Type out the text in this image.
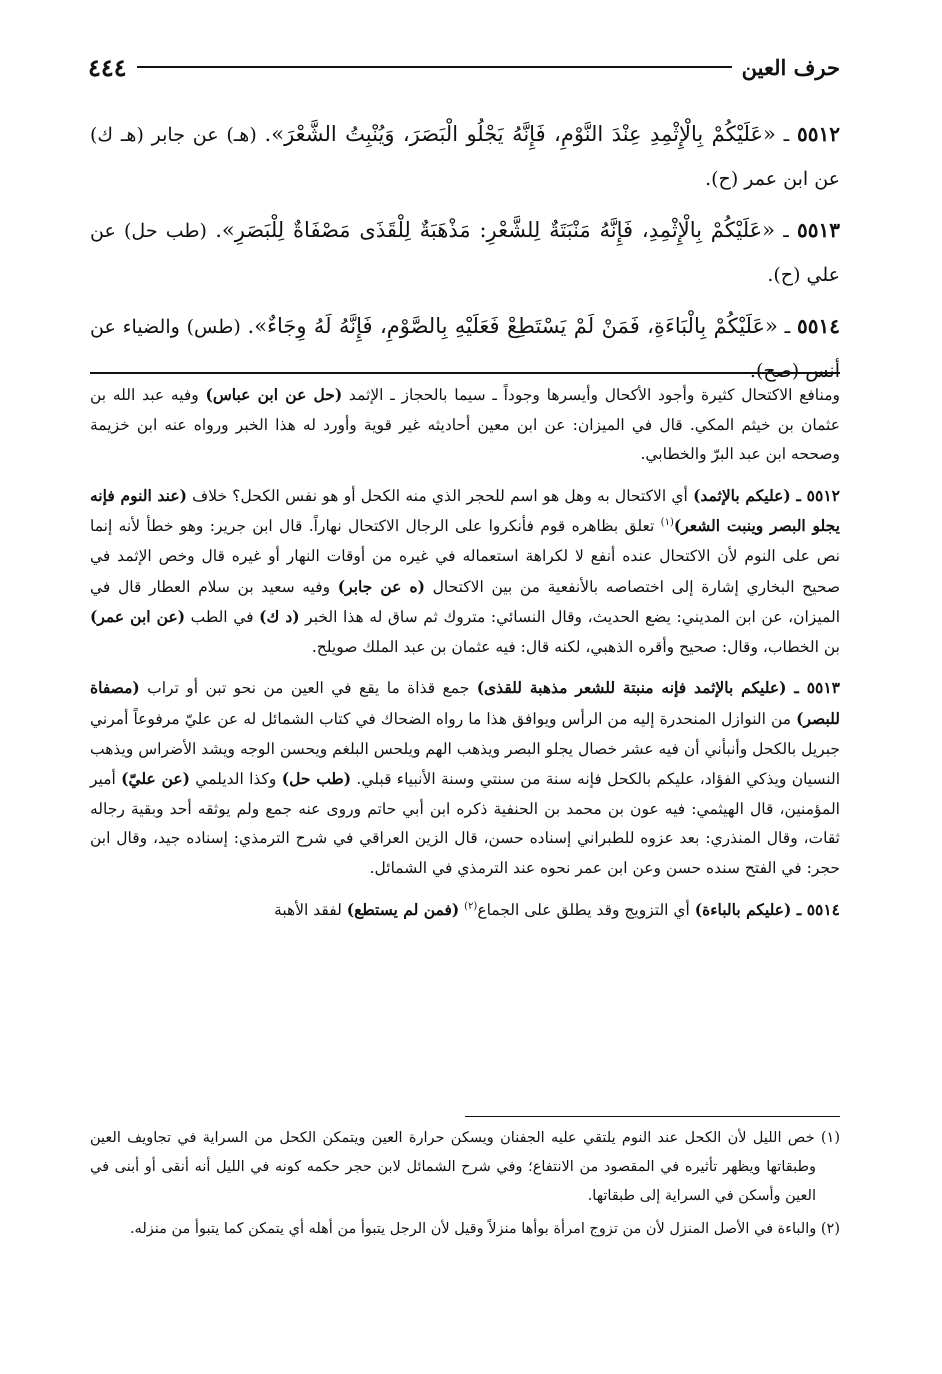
حرف العين
٤٤٤
٥٥١٢ ـ «عَلَيْكُمْ بِالْإِثْمِدِ عِنْدَ النَّوْمِ، فَإِنَّهُ يَجْلُو الْبَصَرَ، وَيُنْبِتُ الشَّعْرَ». (هـ) عن جابر (هـ ك) عن ابن عمر (ح).
٥٥١٣ ـ «عَلَيْكُمْ بِالْإِثْمِدِ، فَإِنَّهُ مَنْبَتَةٌ لِلشَّعْرِ: مَذْهَبَةٌ لِلْقَذَى مَصْفَاةٌ لِلْبَصَرِ». (طب حل) عن علي (ح).
٥٥١٤ ـ «عَلَيْكُمْ بِالْبَاءَةِ، فَمَنْ لَمْ يَسْتَطِعْ فَعَلَيْهِ بِالصَّوْمِ، فَإِنَّهُ لَهُ وِجَاءٌ». (طس) والضياء عن أنس (صح).

ومنافع الاكتحال كثيرة وأجود الأكحال وأيسرها وجوداً ـ سيما بالحجاز ـ الإثمد (حل عن ابن عباس) وفيه عبد الله بن عثمان بن خيثم المكي. قال في الميزان: عن ابن معين أحاديثه غير قوية وأورد له هذا الخبر ورواه عنه ابن خزيمة وصححه ابن عبد البرّ والخطابي.

٥٥١٢ ـ (عليكم بالإثمد) أي الاكتحال به وهل هو اسم للحجر الذي منه الكحل أو هو نفس الكحل؟ خلاف (عند النوم فإنه يجلو البصر وينبت الشعر)$^{(١)}$ تعلق بظاهره قوم فأنكروا على الرجال الاكتحال نهاراً. قال ابن جرير: وهو خطأ لأنه إنما نص على النوم لأن الاكتحال عنده أنفع لا لكراهة استعماله في غيره من أوقات النهار أو غيره قال وخص الإثمد في صحيح البخاري إشارة إلى اختصاصه بالأنفعية من بين الاكتحال (ه عن جابر) وفيه سعيد بن سلام العطار قال في الميزان، عن ابن المديني: يضع الحديث، وقال النسائي: متروك ثم ساق له هذا الخبر (د ك) في الطب (عن ابن عمر) بن الخطاب، وقال: صحيح وأقره الذهبي، لكنه قال: فيه عثمان بن عبد الملك صويلح.

٥٥١٣ ـ (عليكم بالإثمد فإنه منبتة للشعر مذهبة للقذى) جمع قذاة ما يقع في العين من نحو تبن أو تراب (مصفاة للبصر) من النوازل المنحدرة إليه من الرأس ويوافق هذا ما رواه الضحاك في كتاب الشمائل له عن عليّ مرفوعاً أمرني جبريل بالكحل وأنبأني أن فيه عشر خصال يجلو البصر ويذهب الهم ويلحس البلغم ويحسن الوجه ويشد الأضراس ويذهب النسيان ويذكي الفؤاد، عليكم بالكحل فإنه سنة من سنتي وسنة الأنبياء قبلي. (طب حل) وكذا الديلمي (عن عليّ) أمير المؤمنين، قال الهيثمي: فيه عون بن محمد بن الحنفية ذكره ابن أبي حاتم وروى عنه جمع ولم يوثقه أحد وبقية رجاله ثقات، وقال المنذري: بعد عزوه للطبراني إسناده حسن، قال الزين العراقي في شرح الترمذي: إسناده جيد، وقال ابن حجر: في الفتح سنده حسن وعن ابن عمر نحوه عند الترمذي في الشمائل.

٥٥١٤ ـ (عليكم بالباءة) أي التزويج وقد يطلق على الجماع$^{(٢)}$ (فمن لم يستطع) لفقد الأهبة

(١) خص الليل لأن الكحل عند النوم يلتقي عليه الجفنان ويسكن حرارة العين ويتمكن الكحل من السراية في تجاويف العين وطبقاتها ويظهر تأثيره في المقصود من الانتفاع؛ وفي شرح الشمائل لابن حجر حكمه كونه في الليل أنه أنقى أو أبنى في العين وأسكن في السراية إلى طبقاتها.

(٢) والباءة في الأصل المنزل لأن من تزوج امرأة بوأها منزلاً وقيل لأن الرجل يتبوأ من أهله أي يتمكن كما يتبوأ من منزله.
